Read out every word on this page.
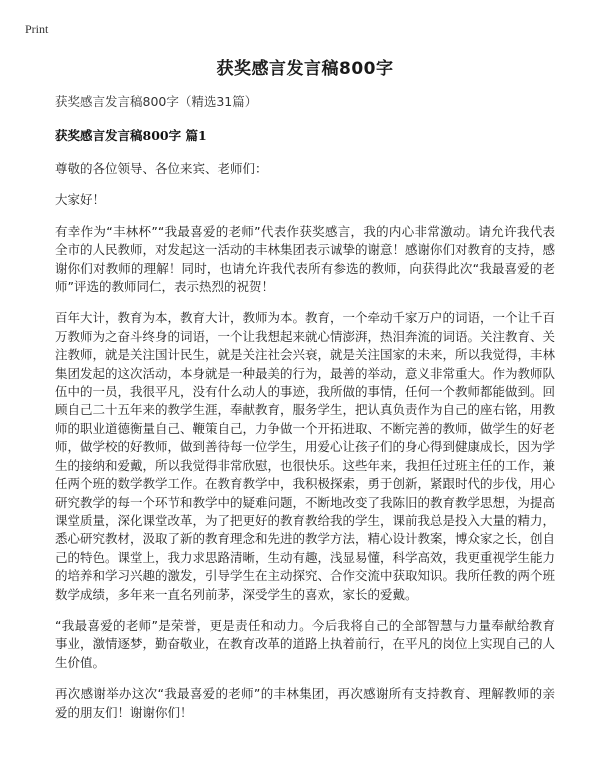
Print
获奖感言发言稿800字

获奖感言发言稿800字（精选31篇）

获奖感言发言稿800字 篇1

尊敬的各位领导、各位来宾、老师们：

大家好！

有幸作为“丰林杯”“我最喜爱的老师”代表作获奖感言，我的内心非常激动。请允许我代表全市的人民教师，对发起这一活动的丰林集团表示诚挚的谢意！感谢你们对教育的支持，感谢你们对教师的理解！同时，也请允许我代表所有参选的教师，向获得此次“我最喜爱的老师”评选的教师同仁，表示热烈的祝贺！

百年大计，教育为本，教育大计，教师为本。教育，一个牵动千家万户的词语，一个让千百万教师为之奋斗终身的词语，一个让我想起来就心情澎湃，热泪奔流的词语。关注教育、关注教师，就是关注国计民生，就是关注社会兴衰，就是关注国家的未来，所以我觉得，丰林集团发起的这次活动，本身就是一种最美的行为，最善的举动，意义非常重大。作为教师队伍中的一员，我很平凡，没有什么动人的事迹，我所做的事情，任何一个教师都能做到。回顾自己二十五年来的教学生涯，奉献教育，服务学生，把认真负责作为自己的座右铭，用教师的职业道德衡量自己、鞭策自己，力争做一个开拓进取、不断完善的教师，做学生的好老师，做学校的好教师，做到善待每一位学生，用爱心让孩子们的身心得到健康成长，因为学生的接纳和爱戴，所以我觉得非常欣慰，也很快乐。这些年来，我担任过班主任的工作，兼任两个班的数学教学工作。在教育教学中，我积极探索，勇于创新，紧跟时代的步伐，用心研究教学的每一个环节和教学中的疑难问题，不断地改变了我陈旧的教育教学思想，为提高课堂质量，深化课堂改革，为了把更好的教育教给我的学生，课前我总是投入大量的精力，悉心研究教材，汲取了新的教育理念和先进的教学方法，精心设计教案，博众家之长，创自己的特色。课堂上，我力求思路清晰，生动有趣，浅显易懂，科学高效，我更重视学生能力的培养和学习兴趣的激发，引导学生在主动探究、合作交流中获取知识。我所任教的两个班数学成绩，多年来一直名列前茅，深受学生的喜欢，家长的爱戴。

“我最喜爱的老师”是荣誉，更是责任和动力。今后我将自己的全部智慧与力量奉献给教育事业，激情逐梦，勤奋敬业，在教育改革的道路上执着前行，在平凡的岗位上实现自己的人生价值。

再次感谢举办这次“我最喜爱的老师”的丰林集团，再次感谢所有支持教育、理解教师的亲爱的朋友们！谢谢你们！
